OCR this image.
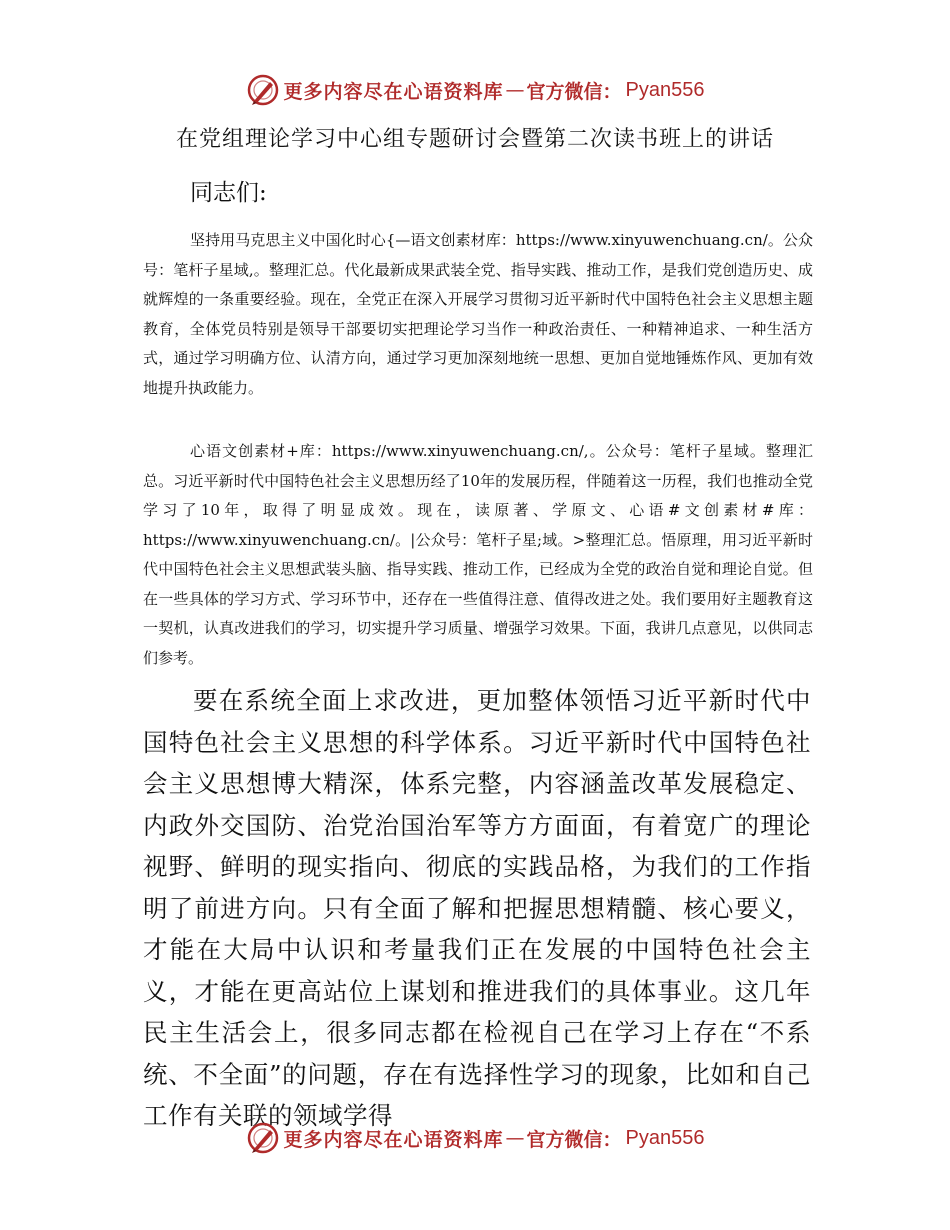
更多内容尽在心语资料库 — 官方微信： Pyan556
在党组理论学习中心组专题研讨会暨第二次读书班上的讲话
同志们:

坚持用马克思主义中国化时心{—语文创素材库：https://www.xinyuwenchuang.cn/。公众号：笔杆子星域,。整理汇总。代化最新成果武装全党、指导实践、推动工作，是我们党创造历史、成就辉煌的一条重要经验。现在，全党正在深入开展学习贯彻习近平新时代中国特色社会主义思想主题教育，全体党员特别是领导干部要切实把理论学习当作一种政治责任、一种精神追求、一种生活方式，通过学习明确方位、认清方向，通过学习更加深刻地统一思想、更加自觉地锤炼作风、更加有效地提升执政能力。

心语文创素材+库：https://www.xinyuwenchuang.cn/,。公众号：笔杆子星域。整理汇总。习近平新时代中国特色社会主义思想历经了10年的发展历程，伴随着这一历程，我们也推动全党学习了10年，取得了明显成效。现在，读原著、学原文、心语#文创素材#库：https://www.xinyuwenchuang.cn/。|公众号：笔杆子星;域。>整理汇总。悟原理，用习近平新时代中国特色社会主义思想武装头脑、指导实践、推动工作，已经成为全党的政治自觉和理论自觉。但在一些具体的学习方式、学习环节中，还存在一些值得注意、值得改进之处。我们要用好主题教育这一契机，认真改进我们的学习，切实提升学习质量、增强学习效果。下面，我讲几点意见，以供同志们参考。

要在系统全面上求改进，更加整体领悟习近平新时代中国特色社会主义思想的科学体系。习近平新时代中国特色社会主义思想博大精深，体系完整，内容涵盖改革发展稳定、内政外交国防、治党治国治军等方方面面，有着宽广的理论视野、鲜明的现实指向、彻底的实践品格，为我们的工作指明了前进方向。只有全面了解和把握思想精髓、核心要义，才能在大局中认识和考量我们正在发展的中国特色社会主义，才能在更高站位上谋划和推进我们的具体事业。这几年民主生活会上，很多同志都在检视自己在学习上存在“不系统、不全面”的问题，存在有选择性学习的现象，比如和自己工作有关联的领域学得

更多内容尽在心语资料库 — 官方微信： Pyan556
